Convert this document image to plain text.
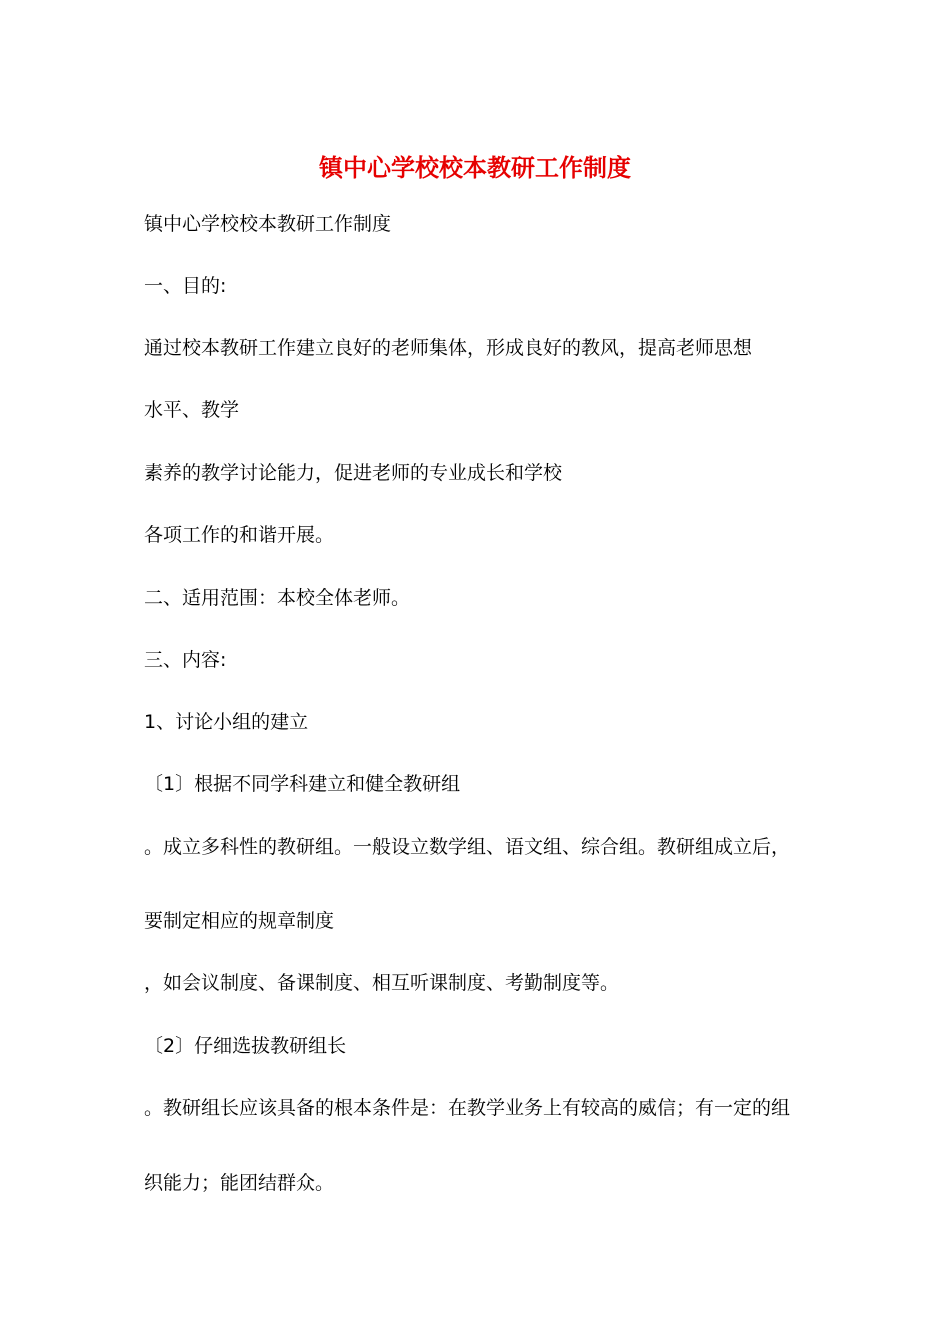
镇中心学校校本教研工作制度
镇中心学校校本教研工作制度
一、目的:
通过校本教研工作建立良好的老师集体，形成良好的教风，提高老师思想
水平、教学
素养的教学讨论能力，促进老师的专业成长和学校
各项工作的和谐开展。
二、适用范围：本校全体老师。
三、内容:
1、讨论小组的建立
〔1〕根据不同学科建立和健全教研组
。成立多科性的教研组。一般设立数学组、语文组、综合组。教研组成立后，
要制定相应的规章制度
，如会议制度、备课制度、相互听课制度、考勤制度等。
〔2〕仔细选拔教研组长
。教研组长应该具备的根本条件是：在教学业务上有较高的威信；有一定的组
织能力；能团结群众。
